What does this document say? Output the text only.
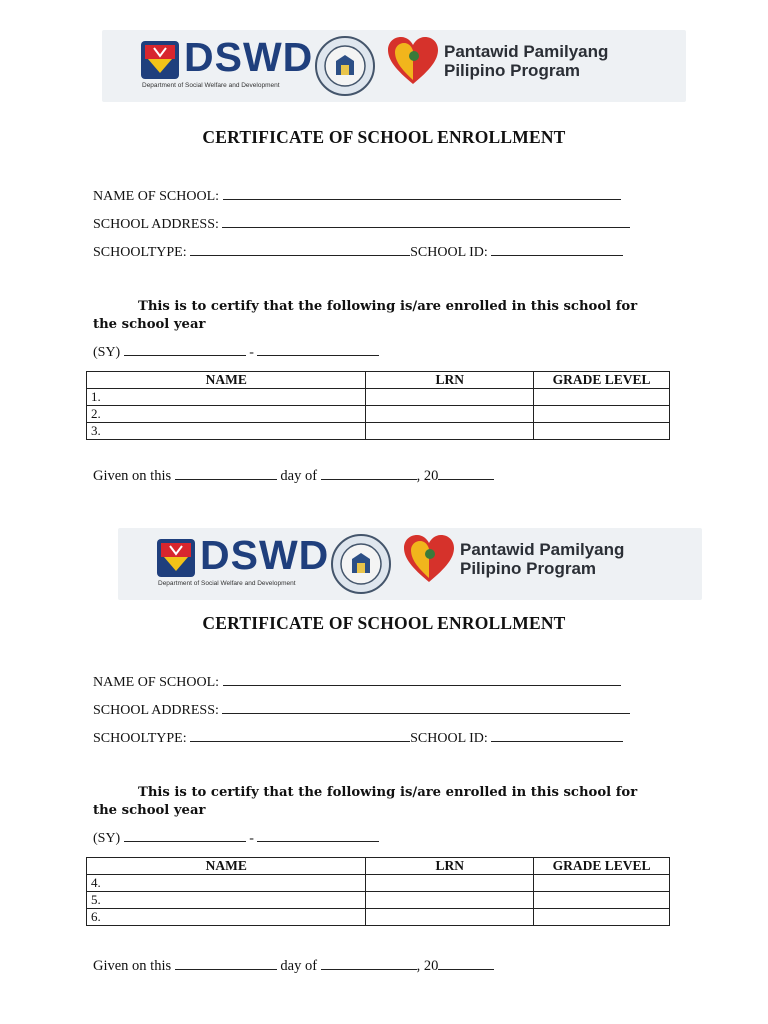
DSWD
Department of Social Welfare and Development
Pantawid Pamilyang
Pilipino Program
CERTIFICATE OF SCHOOL ENROLLMENT
NAME OF SCHOOL:
SCHOOL ADDRESS:
SCHOOLTYPE:	SCHOOL ID:
This is to certify that the following is/are enrolled in this school for the school year
(SY)	-
NAME	LRN	GRADE LEVEL
1.		
2.		
3.		
Given on this	day of	, 20
DSWD
Department of Social Welfare and Development
Pantawid Pamilyang
Pilipino Program
CERTIFICATE OF SCHOOL ENROLLMENT
NAME OF SCHOOL:
SCHOOL ADDRESS:
SCHOOLTYPE:	SCHOOL ID:
This is to certify that the following is/are enrolled in this school for the school year
(SY)	-
NAME	LRN	GRADE LEVEL
4.		
5.		
6.		
Given on this	day of	, 20
